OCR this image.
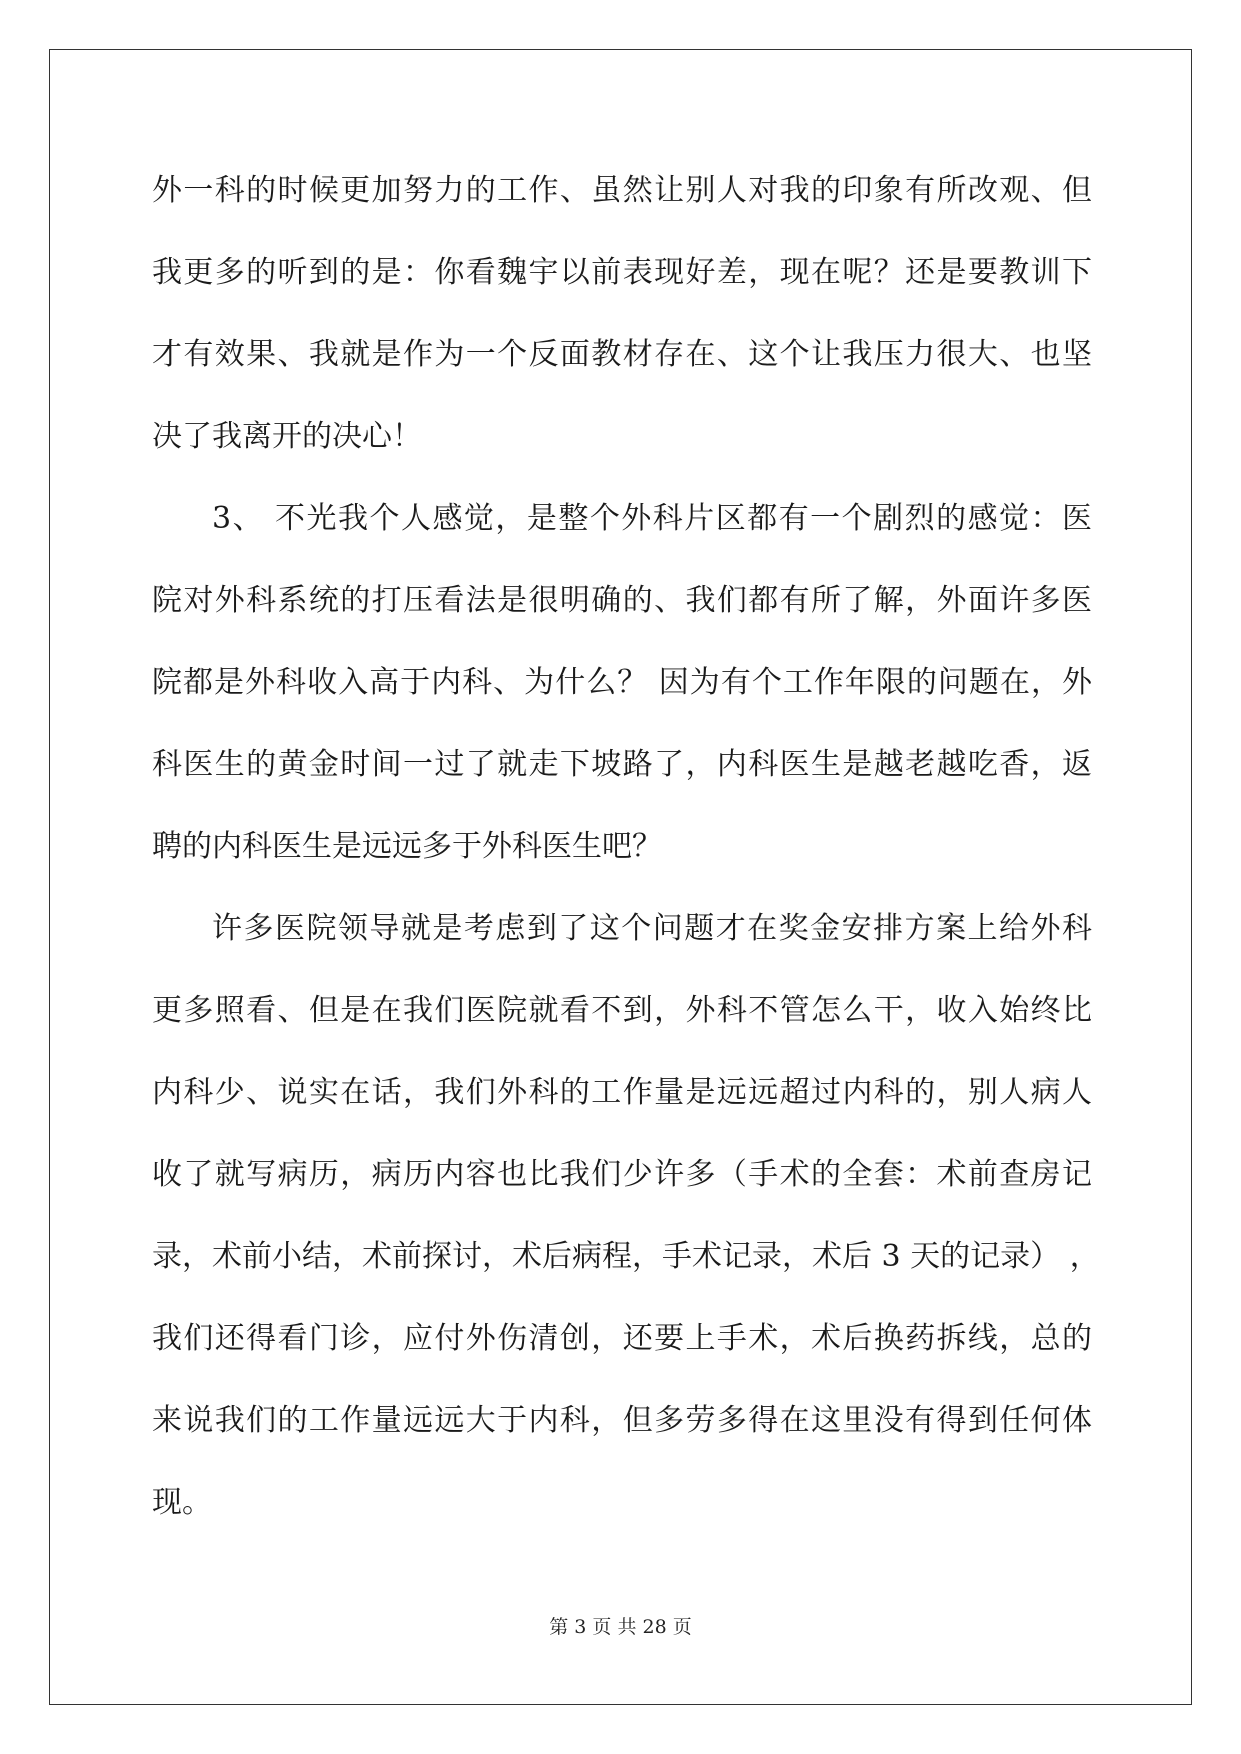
外一科的时候更加努力的工作、虽然让别人对我的印象有所改观、但
我更多的听到的是：你看魏宇以前表现好差，现在呢？还是要教训下
才有效果、我就是作为一个反面教材存在、这个让我压力很大、也坚
决了我离开的决心！
3、 不光我个人感觉，是整个外科片区都有一个剧烈的感觉：医
院对外科系统的打压看法是很明确的、我们都有所了解，外面许多医
院都是外科收入高于内科、为什么？ 因为有个工作年限的问题在，外
科医生的黄金时间一过了就走下坡路了，内科医生是越老越吃香，返
聘的内科医生是远远多于外科医生吧？
许多医院领导就是考虑到了这个问题才在奖金安排方案上给外科
更多照看、但是在我们医院就看不到，外科不管怎么干，收入始终比
内科少、说实在话，我们外科的工作量是远远超过内科的，别人病人
收了就写病历，病历内容也比我们少许多（手术的全套：术前查房记
录，术前小结，术前探讨，术后病程，手术记录，术后 3 天的记录） ，
我们还得看门诊，应付外伤清创，还要上手术，术后换药拆线，总的
来说我们的工作量远远大于内科，但多劳多得在这里没有得到任何体
现。
第 3 页 共 28 页
